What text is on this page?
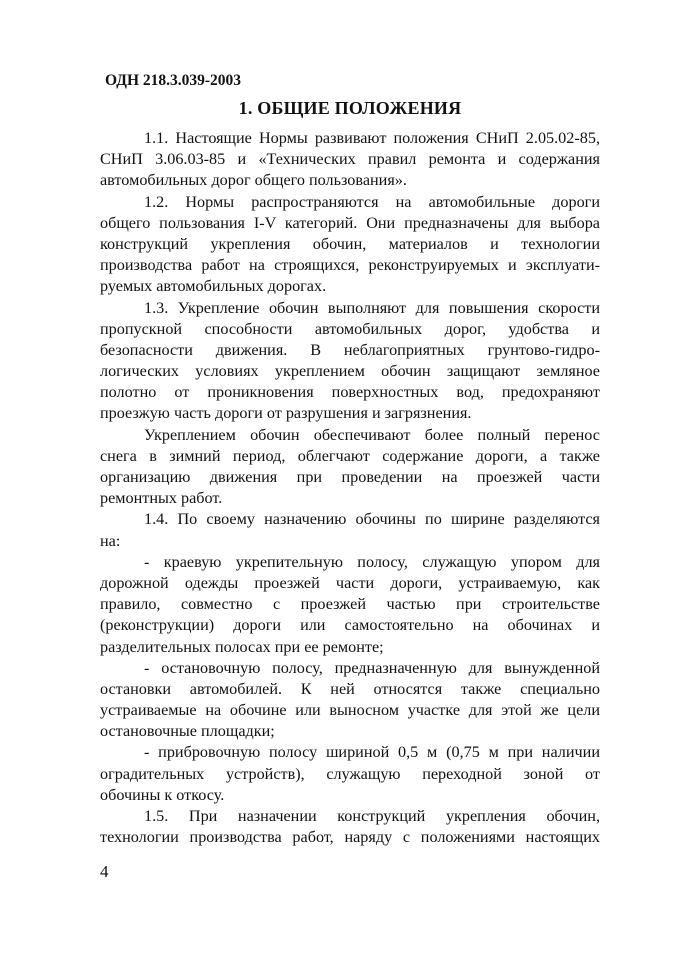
ОДН 218.3.039-2003
1. ОБЩИЕ ПОЛОЖЕНИЯ
1.1. Настоящие Нормы развивают положения СНиП 2.05.02-85,
СНиП 3.06.03-85 и «Технических правил ремонта и содержания
автомобильных дорог общего пользования».
1.2. Нормы распространяются на автомобильные дороги
общего пользования I-V категорий. Они предназначены для выбора
конструкций укрепления обочин, материалов и технологии
производства работ на строящихся, реконструируемых и эксплуати-
руемых автомобильных дорогах.
1.3. Укрепление обочин выполняют для повышения скорости
пропускной способности автомобильных дорог, удобства и
безопасности движения. В неблагоприятных грунтово-гидро-
логических условиях укреплением обочин защищают земляное
полотно от проникновения поверхностных вод, предохраняют
проезжую часть дороги от разрушения и загрязнения.
Укреплением обочин обеспечивают более полный перенос
снега в зимний период, облегчают содержание дороги, а также
организацию движения при проведении на проезжей части
ремонтных работ.
1.4. По своему назначению обочины по ширине разделяются
на:
- краевую укрепительную полосу, служащую упором для
дорожной одежды проезжей части дороги, устраиваемую, как
правило, совместно с проезжей частью при строительстве
(реконструкции) дороги или самостоятельно на обочинах и
разделительных полосах при ее ремонте;
- остановочную полосу, предназначенную для вынужденной
остановки автомобилей. К ней относятся также специально
устраиваемые на обочине или выносном участке для этой же цели
остановочные площадки;
- прибровочную полосу шириной 0,5 м (0,75 м при наличии
оградительных устройств), служащую переходной зоной от
обочины к откосу.
1.5. При назначении конструкций укрепления обочин,
технологии производства работ, наряду с положениями настоящих
4
